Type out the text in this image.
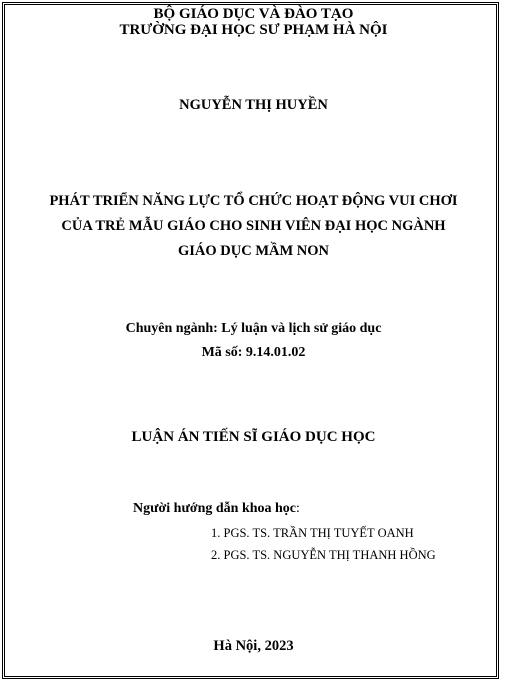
BỘ GIÁO DỤC VÀ ĐÀO TẠO
TRƯỜNG ĐẠI HỌC SƯ PHẠM HÀ NỘI
NGUYỄN THỊ HUYỀN
PHÁT TRIỂN NĂNG LỰC TỔ CHỨC HOẠT ĐỘNG VUI CHƠI
CỦA TRẺ MẪU GIÁO CHO SINH VIÊN ĐẠI HỌC NGÀNH
GIÁO DỤC MẦM NON
Chuyên ngành: Lý luận và lịch sử giáo dục
Mã số: 9.14.01.02
LUẬN ÁN TIẾN SĨ GIÁO DỤC HỌC
Người hướng dẫn khoa học:
1. PGS. TS. TRẦN THỊ TUYẾT OANH
2. PGS. TS. NGUYỄN THỊ THANH HỒNG
Hà Nội, 2023
